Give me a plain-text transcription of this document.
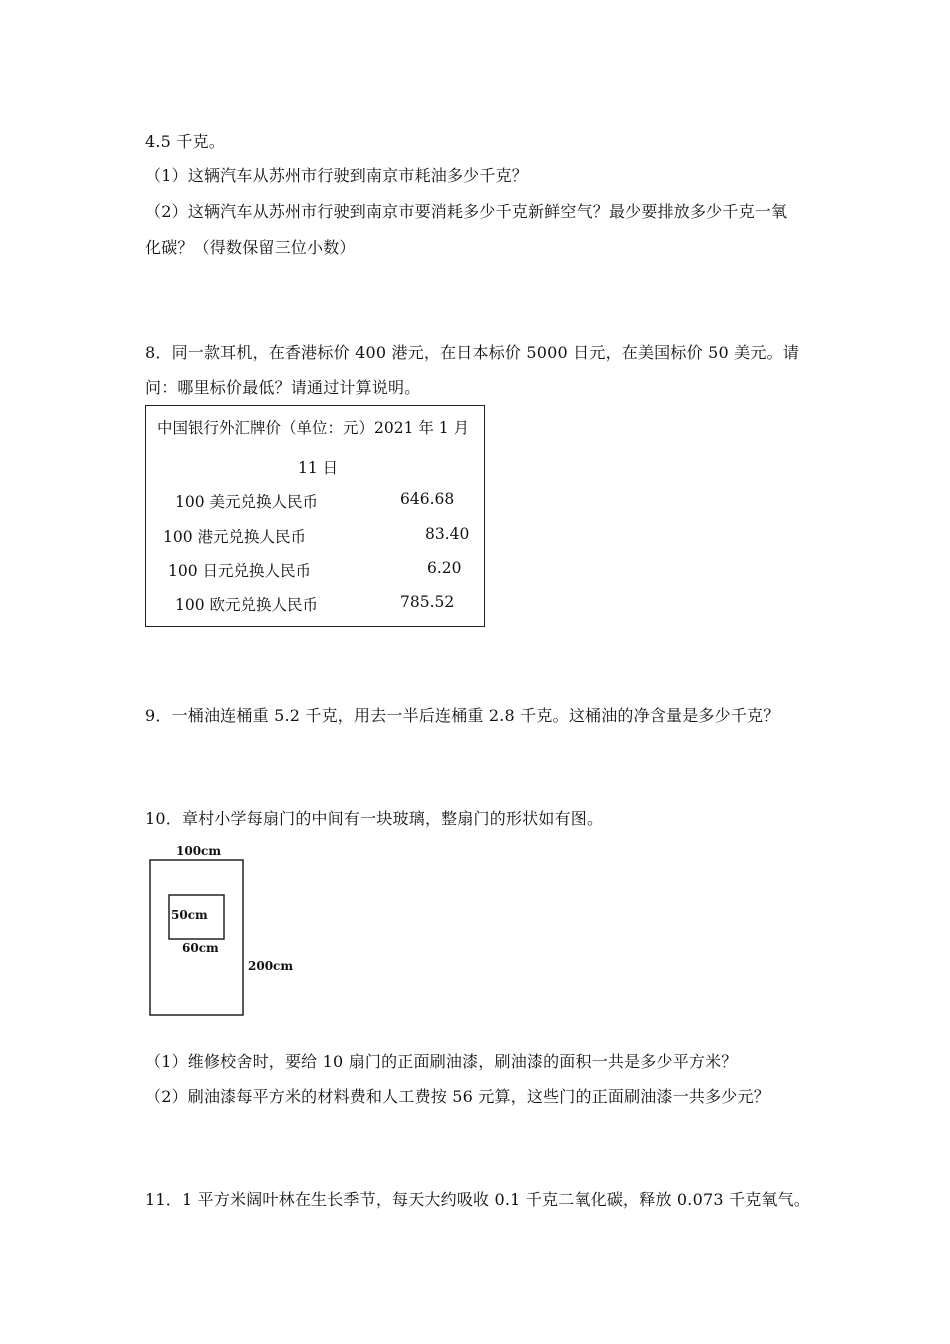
4.5 千克。
（1）这辆汽车从苏州市行驶到南京市耗油多少千克？
（2）这辆汽车从苏州市行驶到南京市要消耗多少千克新鲜空气？最少要排放多少千克一氧
化碳？（得数保留三位小数）
8．同一款耳机，在香港标价 400 港元，在日本标价 5000 日元，在美国标价 50 美元。请
问：哪里标价最低？请通过计算说明。
中国银行外汇牌价（单位：元）2021 年 1 月
11 日
100 美元兑换人民币	646.68
100 港元兑换人民币	83.40
100 日元兑换人民币	6.20
100 欧元兑换人民币	785.52
9．一桶油连桶重 5.2 千克，用去一半后连桶重 2.8 千克。这桶油的净含量是多少千克？
10．章村小学每扇门的中间有一块玻璃，整扇门的形状如有图。
100cm
50cm
60cm
200cm
（1）维修校舍时，要给 10 扇门的正面刷油漆，刷油漆的面积一共是多少平方米？
（2）刷油漆每平方米的材料费和人工费按 56 元算，这些门的正面刷油漆一共多少元？
11．1 平方米阔叶林在生长季节，每天大约吸收 0.1 千克二氧化碳，释放 0.073 千克氧气。
